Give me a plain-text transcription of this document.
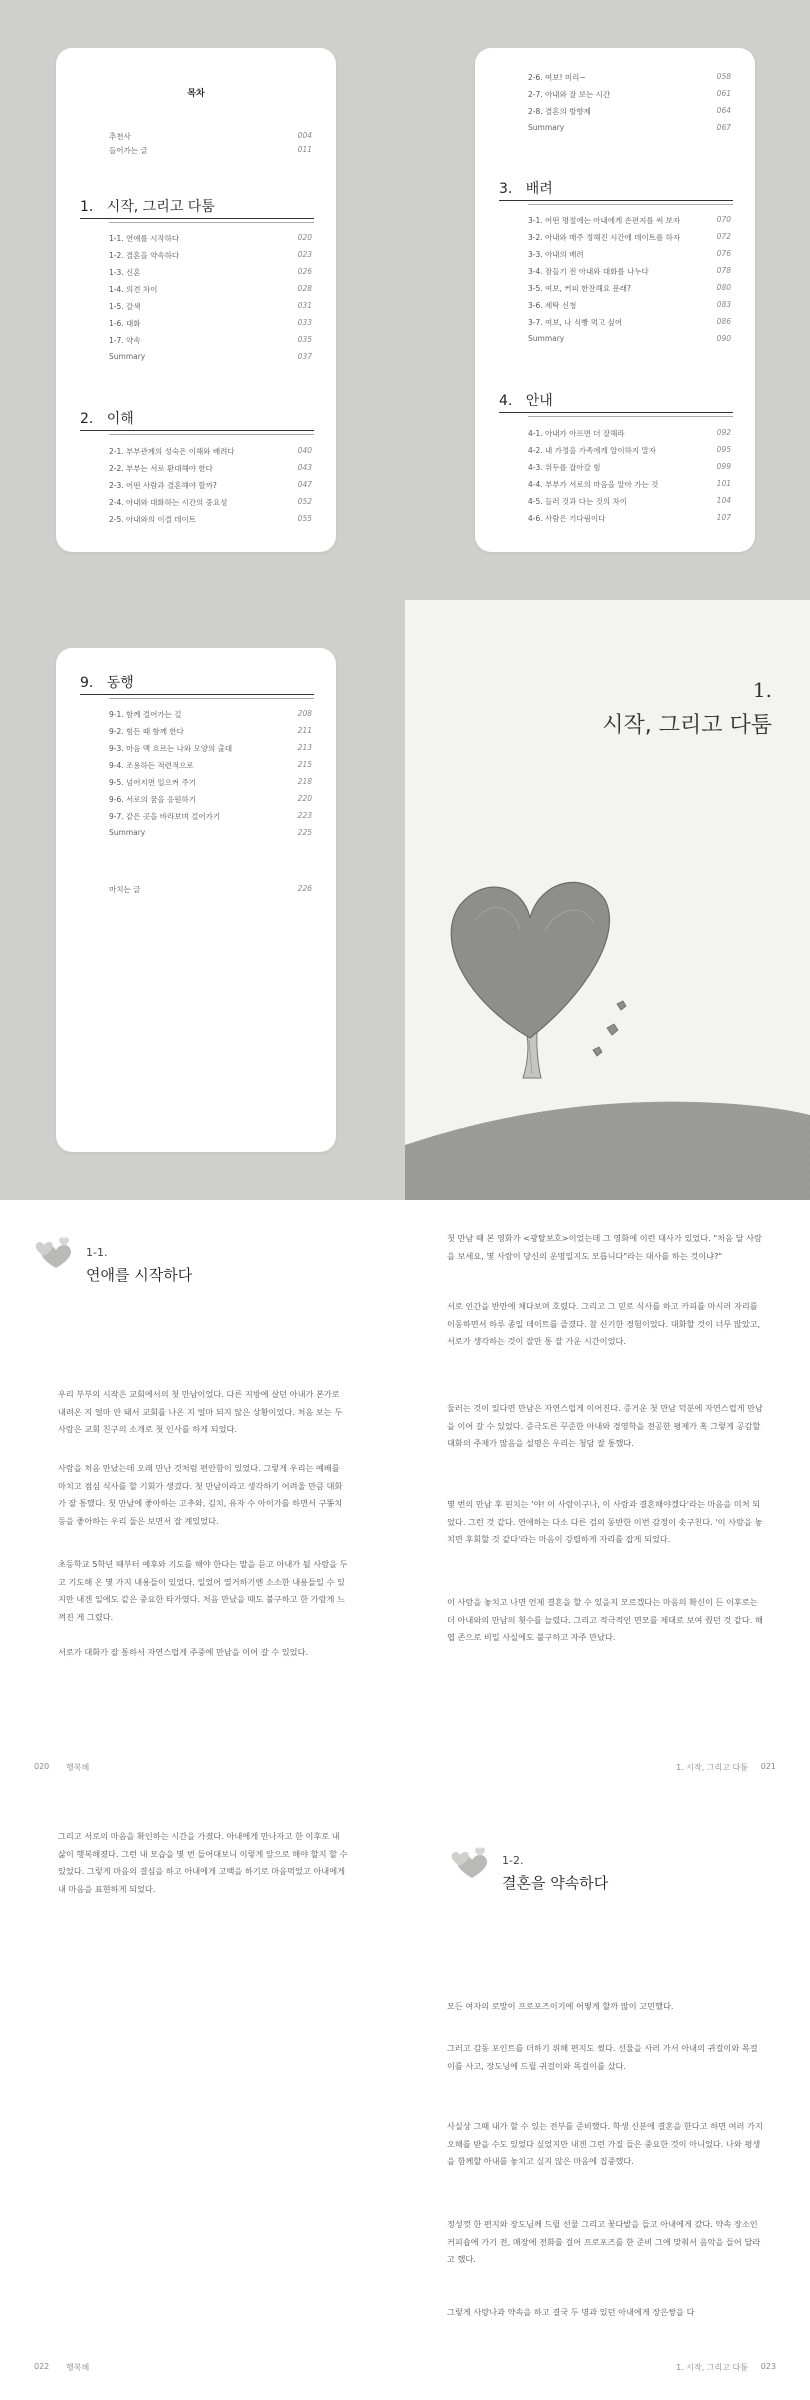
목차
추천사	004
들어가는 글	011
1. 시작, 그리고 다툼
1-1. 연애를 시작하다	020
1-2. 결혼을 약속하다	023
1-3. 신혼	026
1-4. 의견 차이	028
1-5. 갈색	031
1-6. 대화	033
1-7. 약속	035
Summary	037
2. 이해
2-1. 부부관계의 성숙은 이해와 배려다	040
2-2. 부부는 서로 환대해야 한다	043
2-3. 어떤 사람과 결혼해야 할까?	047
2-4. 아내와 대화하는 시간의 중요성	052
2-5. 아내와의 이결 데이트	055
2-6. 여보! 미리~	058
2-7. 아내와 잘 보는 시간	061
2-8. 결혼의 방향제	064
Summary	067
3. 배려
3-1. 어떤 명절에는 아내에게 손편지를 써 보자	070
3-2. 아내와 매주 정해진 시간에 데이트를 하자	072
3-3. 아내의 배려	076
3-4. 잠들기 전 아내와 대화를 나누다	078
3-5. 여보, 커피 한잔해요 문래?	080
3-6. 세탁 신청	083
3-7. 여보, 나 식빵 먹고 싶어	086
Summary	090
4. 안내
4-1. 아내가 아프면 더 잘해라	092
4-2. 내 가정을 가족에게 알이하지 말자	095
4-3. 위두를 잡아갈 힘	099
4-4. 부부가 서로의 마음을 알아 가는 것	101
4-5. 들러 것과 다는 것의 차이	104
4-6. 사람은 기다림이다	107
9. 동행
9-1. 함께 걸어가는 길	208
9-2. 힘든 때 함께 한다	211
9-3. 마음 맥 흐르는 나와 모양의 출대	213
9-4. 조용하든 적련적으로	215
9-5. 넘어지면 일으켜 주기	218
9-6. 서로의 꿈을 응원하기	220
9-7. 같은 곳을 바라보며 걸어가기	223
Summary	225
마치는 글	226
1.
시작, 그리고 다툼
1-1.
연애를 시작하다
우리 부부의 시작은 교회에서의 첫 만남이었다. 다른 지방에 살던 아내가 본가로 내려온 지 얼마 안 돼서 교회를 나온 지 얼마 되지 않은 상황이었다. 처음 보는 두 사람은 교회 친구의 소개로 첫 인사를 하게 되었다.
사람을 처음 만났는데 오래 만난 것처럼 편안함이 있었다. 그렇게 우리는 예배를 마치고 점심 식사를 할 기회가 생겼다. 첫 만남이라고 생각하기 어려울 만큼 대화가 잘 통했다. 첫 만남에 좋아하는 고추와, 김치, 유자 수 아이가를 하면서 구똥치등을 좋아하는 우리 둘은 보면서 잘 계있었다.
초등학교 5학년 때부터 예후와 기도를 해야 한다는 말을 듣고 아내가 될 사람을 두고 기도해 온 몇 가지 내용들이 있었다. 일었어 열거하기엔 소소한 내용들일 수 있지만 내겐 일에도 같은 중요한 타가였다. 처음 만났을 때도 불구하고 한 가람게 느껴진 게 그렸다.
서로가 대화가 잘 통하서 자연스럽게 주중에 만남을 이어 갈 수 있었다.
020 행복해
첫 만남 때 본 영화가 <광탈보호>이었는데 그 영화에 이런 대사가 있었다. "처음 달 사람을 보세요, 몇 사람이 당신의 운명일지도 모릅니다"라는 대사를 하는 것이냐?"
서로 인간을 반만에 채다보며 호렸다. 그리고 그 믿로 식사를 하고 카피를 마시러 자리를 이동하면서 하루 종일 데이트를 즐겼다. 참 신기한 경험이었다. 대화할 것이 너무 많았고, 서로가 생각하는 것이 잘만 통 잘 가운 시간이었다.
둘러는 것이 있다면 만남은 자연스럽게 이어진다. 증거운 첫 만남 덕분에 자연스럽게 만남을 이어 갈 수 있었다. 증극도른 꾸준한 아내와 경영학을 전공한 평제가 혹 그렇게 공감할 대화의 주제가 많음을 설명은 우리는 청담 잘 통했다.
몇 번의 만남 후 핀치는 '야! 이 사람이구나, 이 사람과 결혼해야겠다'라는 마음을 미처 되었다. 그런 것 같다. 연애하는 다소 다른 검의 동반한 이번 감정이 솟구친다. '이 사람을 놓치면 후회할 것 같다'라는 마음이 강렬하게 자리를 잡게 되었다.
이 사람을 놓치고 나면 언제 결혼을 할 수 있을지 모르겠다는 마음의 확신이 든 이후로는 더 아내와의 만남의 횟수를 늘렸다. 그리고 적극적인 면모를 제대로 보여 줬던 것 같다. 해엽 존으로 비밀 사실에도 불구하고 자주 만났다.
1. 시작, 그리고 다툼 021
그리고 서로의 마음을 확인하는 시간을 가졌다. 아내에게 만나자고 한 이후로 내 삶이 행복해졌다. 그런 내 모습을 몇 번 들어대보니 이렇게 앞으로 해야 할지 할 수 있었다. 그렇게 마음의 결심을 하고 아내에게 고백을 하기로 마음먹었고 아내에게 내 마음을 표현하게 되었다.
022 행복해
1-2.
결혼을 약속하다
모든 여자의 로망이 프로포즈이기에 어떻게 할까 많이 고민했다.
그러고 감동 포인트를 더하기 위해 편지도 썼다. 선물을 사러 가서 아내의 귀걸이와 목걸이를 사고, 장도닝에 드릴 귀걸이와 목걸이를 샀다.
사실상 그때 내가 할 수 있는 전부를 준비했다. 학생 신분에 결혼을 한다고 하면 여러 가지 오해를 받을 수도 있었다 싶었지만 내겐 그런 가질 들은 중요한 것이 아니었다. 나와 평생을 함께할 아내를 놓치고 싶지 않은 마음에 집중했다.
정성껏 한 편지와 장도님께 드릴 선물 그리고 꽃다발을 들고 아내에게 갔다. 약속 장소인 커피숍에 가기 전, 매장에 전화를 걸어 프로포즈를 한 준비 그에 맞춰서 음악을 들어 달라고 했다.
그렇게 사랑나과 약속을 하고 결국 두 명과 있던 아내에게 장은쌍을 다
1. 시작, 그리고 다툼 023
